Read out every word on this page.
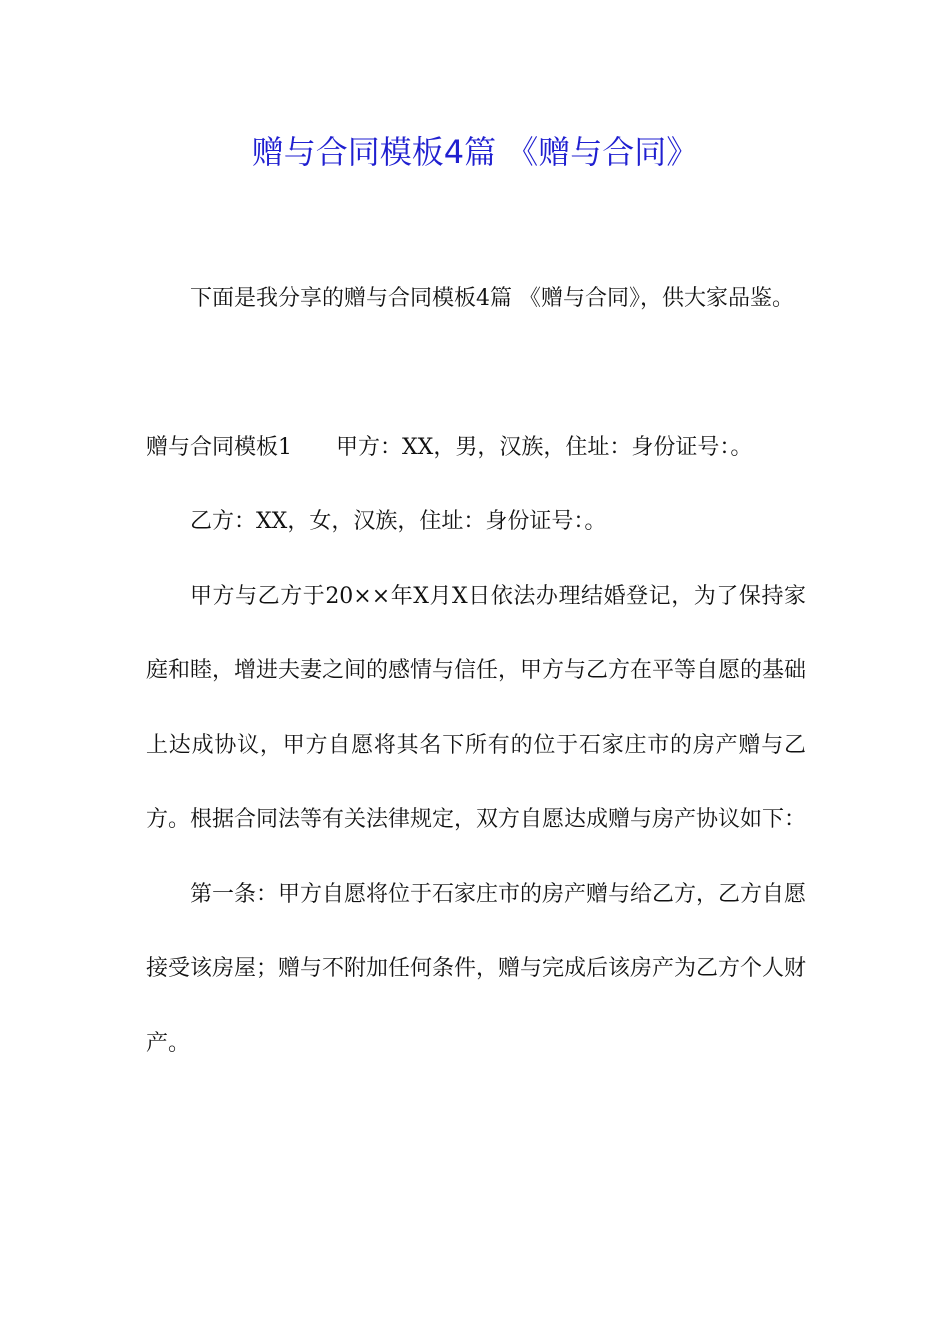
赠与合同模板4篇 《赠与合同》

下面是我分享的赠与合同模板4篇 《赠与合同》，供大家品鉴。

赠与合同模板1 甲方：XX，男，汉族，住址：身份证号：。

乙方：XX，女，汉族，住址：身份证号：。

甲方与乙方于20××年X月X日依法办理结婚登记，为了保持家庭和睦，增进夫妻之间的感情与信任，甲方与乙方在平等自愿的基础上达成协议，甲方自愿将其名下所有的位于石家庄市的房产赠与乙方。根据合同法等有关法律规定，双方自愿达成赠与房产协议如下：

第一条：甲方自愿将位于石家庄市的房产赠与给乙方，乙方自愿接受该房屋；赠与不附加任何条件，赠与完成后该房产为乙方个人财产。
